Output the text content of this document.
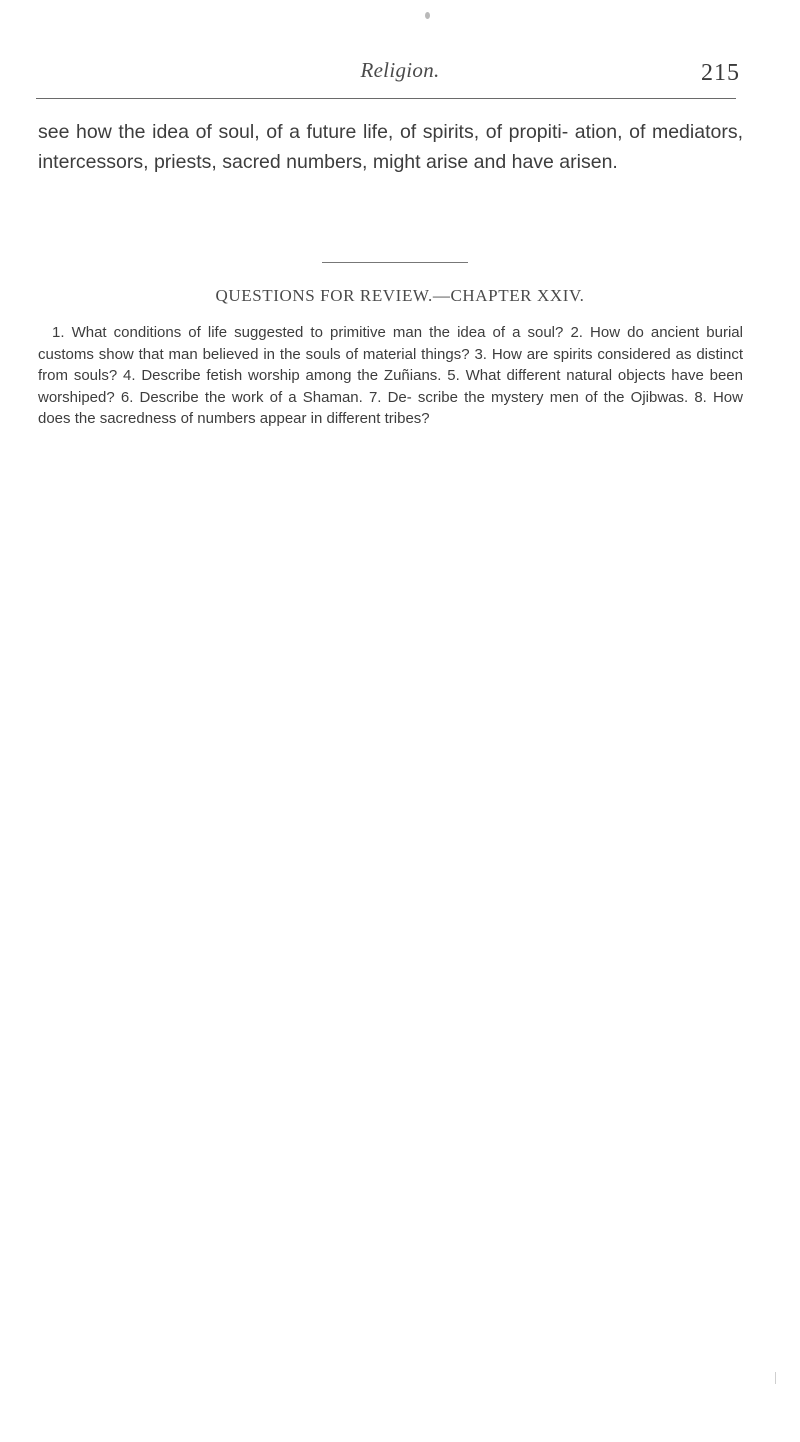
Religion.	215

see how the idea of soul, of a future life, of spirits, of propiti- ation, of mediators, intercessors, priests, sacred numbers, might arise and have arisen.

QUESTIONS FOR REVIEW.—CHAPTER XXIV.

1. What conditions of life suggested to primitive man the idea of a soul? 2. How do ancient burial customs show that man believed in the souls of material things? 3. How are spirits considered as distinct from souls? 4. Describe fetish worship among the Zuñians. 5. What different natural objects have been worshiped? 6. Describe the work of a Shaman. 7. De- scribe the mystery men of the Ojibwas. 8. How does the sacredness of numbers appear in different tribes?
